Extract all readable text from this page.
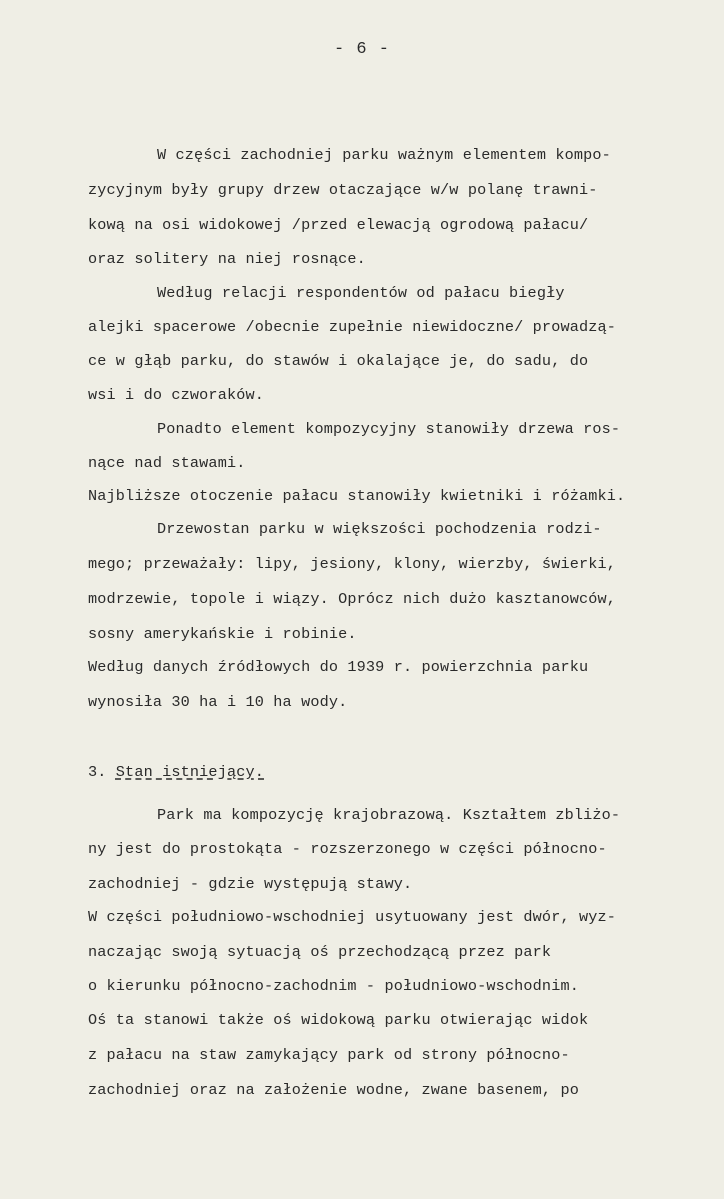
- 6 -
W części zachodniej parku ważnym elementem kompo-
zycyjnym były grupy drzew otaczające w/w polanę trawni-
kową na osi widokowej /przed elewacją ogrodową pałacu/
oraz solitery na niej rosnące.
Według relacji respondentów od pałacu biegły
alejki spacerowe /obecnie zupełnie niewidoczne/ prowadzą-
ce w głąb parku, do stawów i okalające je, do sadu, do
wsi i do czworaków.
Ponadto element kompozycyjny stanowiły drzewa ros-
nące nad stawami.
Najbliższe otoczenie pałacu stanowiły kwietniki i różamki.
Drzewostan parku w większości pochodzenia rodzi-
mego; przeważały: lipy, jesiony, klony, wierzby, świerki,
modrzewie, topole i wiązy. Oprócz nich dużo kasztanowców,
sosny amerykańskie i robinie.
Według danych źródłowych do 1939 r. powierzchnia parku
wynosiła 30 ha i 10 ha wody.
3. Stan istniejący.
Park ma kompozycję krajobrazową. Kształtem zbliżo-
ny jest do prostokąta - rozszerzonego w części północno-
zachodniej - gdzie występują stawy.
W części południowo-wschodniej usytuowany jest dwór, wyz-
naczając swoją sytuacją oś przechodzącą przez park
o kierunku północno-zachodnim - południowo-wschodnim.
Oś ta stanowi także oś widokową parku otwierając widok
z pałacu na staw zamykający park od strony północno-
zachodniej oraz na założenie wodne, zwane basenem, po
